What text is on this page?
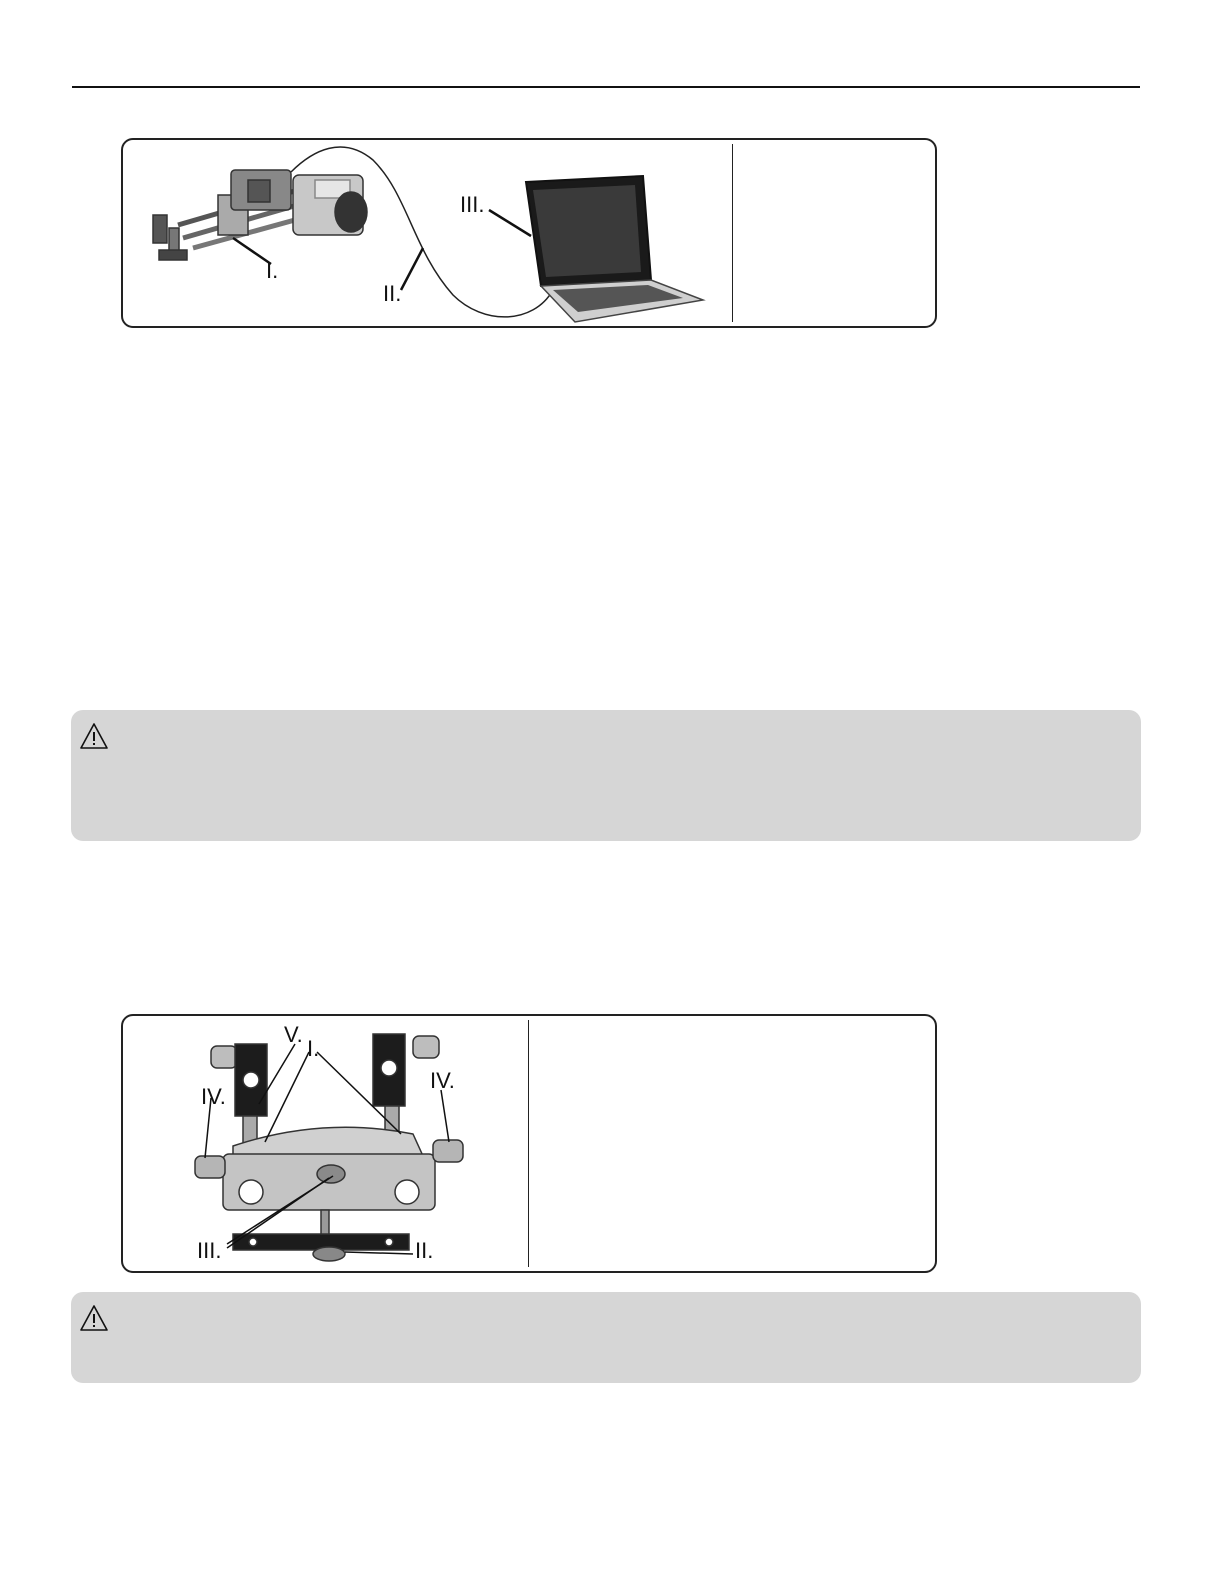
I.
II.
III.
V.
I.
IV.
IV.
III.	II.
